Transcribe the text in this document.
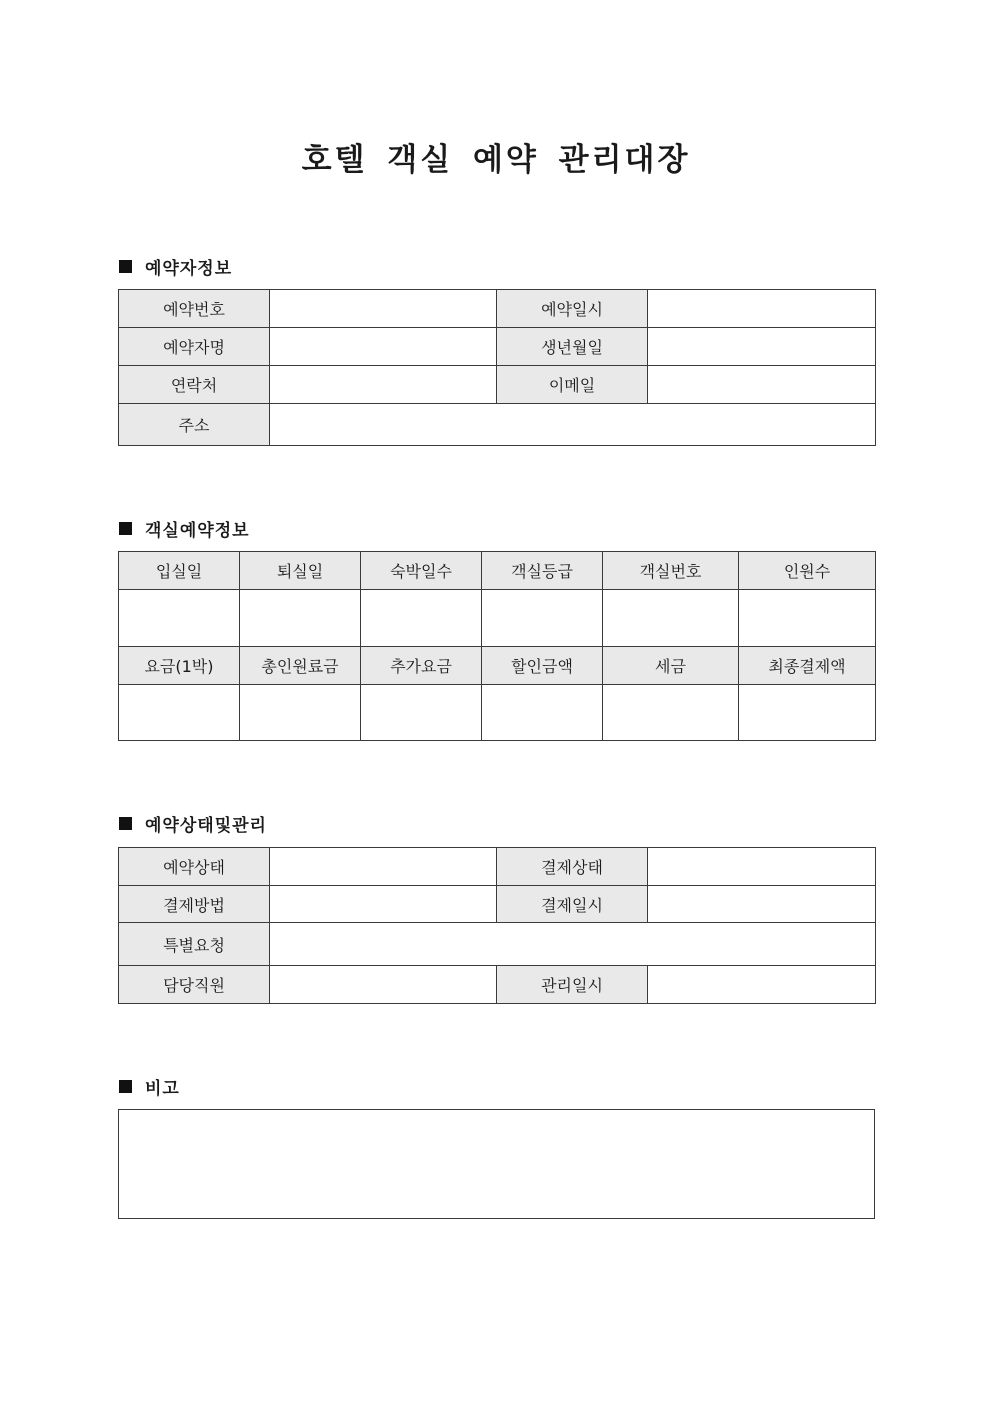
호텔 객실 예약 관리대장
예약자정보
예약번호		예약일시	
예약자명		생년월일	
연락처		이메일	
주소			
객실예약정보
입실일	퇴실일	숙박일수	객실등급	객실번호	인원수

요금(1박)	총인원료금	추가요금	할인금액	세금	최종결제액

예약상태및관리
예약상태		결제상태	
결제방법		결제일시	
특별요청			
담당직원		관리일시	
비고
